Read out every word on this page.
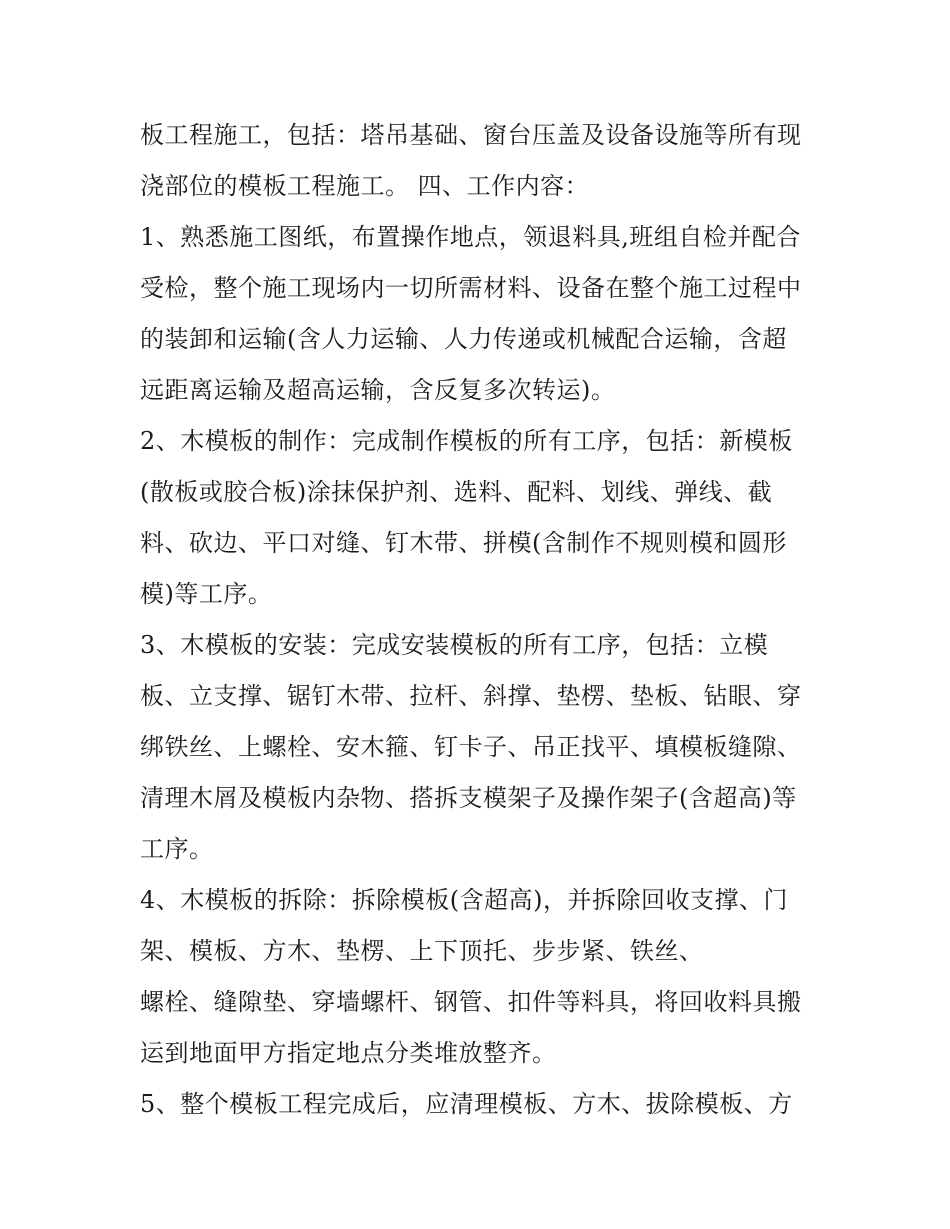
板工程施工，包括：塔吊基础、窗台压盖及设备设施等所有现
浇部位的模板工程施工。 四、工作内容：
1、熟悉施工图纸，布置操作地点，领退料具,班组自检并配合
受检，整个施工现场内一切所需材料、设备在整个施工过程中
的装卸和运输(含人力运输、人力传递或机械配合运输，含超
远距离运输及超高运输，含反复多次转运)。
2、木模板的制作：完成制作模板的所有工序，包括：新模板
(散板或胶合板)涂抹保护剂、选料、配料、划线、弹线、截
料、砍边、平口对缝、钉木带、拼模(含制作不规则模和圆形
模)等工序。
3、木模板的安装：完成安装模板的所有工序，包括：立模
板、立支撑、锯钉木带、拉杆、斜撑、垫楞、垫板、钻眼、穿
绑铁丝、上螺栓、安木箍、钉卡子、吊正找平、填模板缝隙、
清理木屑及模板内杂物、搭拆支模架子及操作架子(含超高)等
工序。
4、木模板的拆除：拆除模板(含超高)，并拆除回收支撑、门
架、模板、方木、垫楞、上下顶托、步步紧、铁丝、
螺栓、缝隙垫、穿墙螺杆、钢管、扣件等料具，将回收料具搬
运到地面甲方指定地点分类堆放整齐。
5、整个模板工程完成后，应清理模板、方木、拔除模板、方
